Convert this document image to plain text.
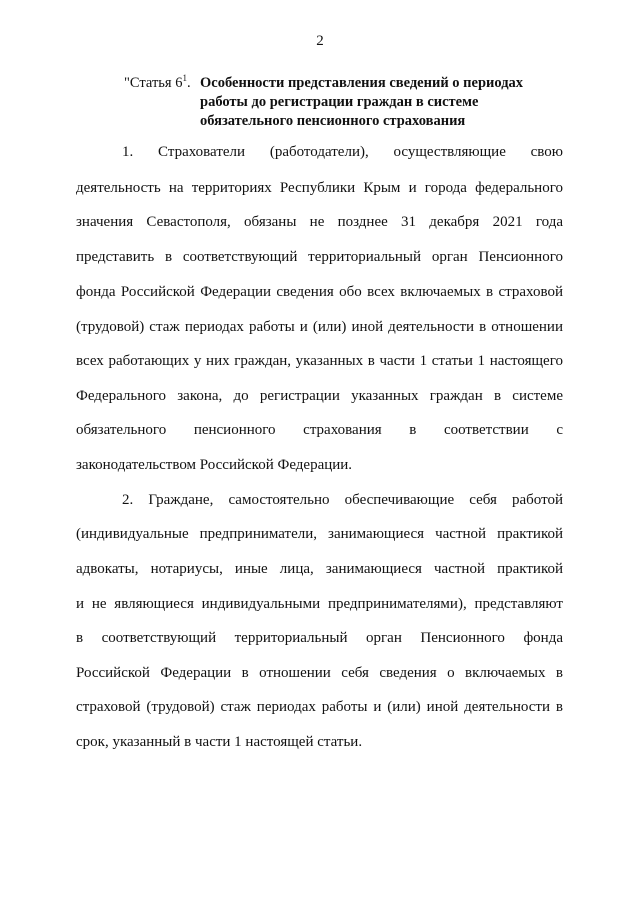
2
"Статья $6^1$. Особенности представления сведений о периодах
работы до регистрации граждан в системе
обязательного пенсионного страхования
1. Страхователи (работодатели), осуществляющие свою
деятельность на территориях Республики Крым и города федерального
значения Севастополя, обязаны не позднее 31 декабря 2021 года
представить в соответствующий территориальный орган Пенсионного
фонда Российской Федерации сведения обо всех включаемых в страховой
(трудовой) стаж периодах работы и (или) иной деятельности в отношении
всех работающих у них граждан, указанных в части 1 статьи 1 настоящего
Федерального закона, до регистрации указанных граждан в системе
обязательного пенсионного страхования в соответствии с
законодательством Российской Федерации.
2. Граждане, самостоятельно обеспечивающие себя работой
(индивидуальные предприниматели, занимающиеся частной практикой
адвокаты, нотариусы, иные лица, занимающиеся частной практикой
и не являющиеся индивидуальными предпринимателями), представляют
в соответствующий территориальный орган Пенсионного фонда
Российской Федерации в отношении себя сведения о включаемых в
страховой (трудовой) стаж периодах работы и (или) иной деятельности в
срок, указанный в части 1 настоящей статьи.
